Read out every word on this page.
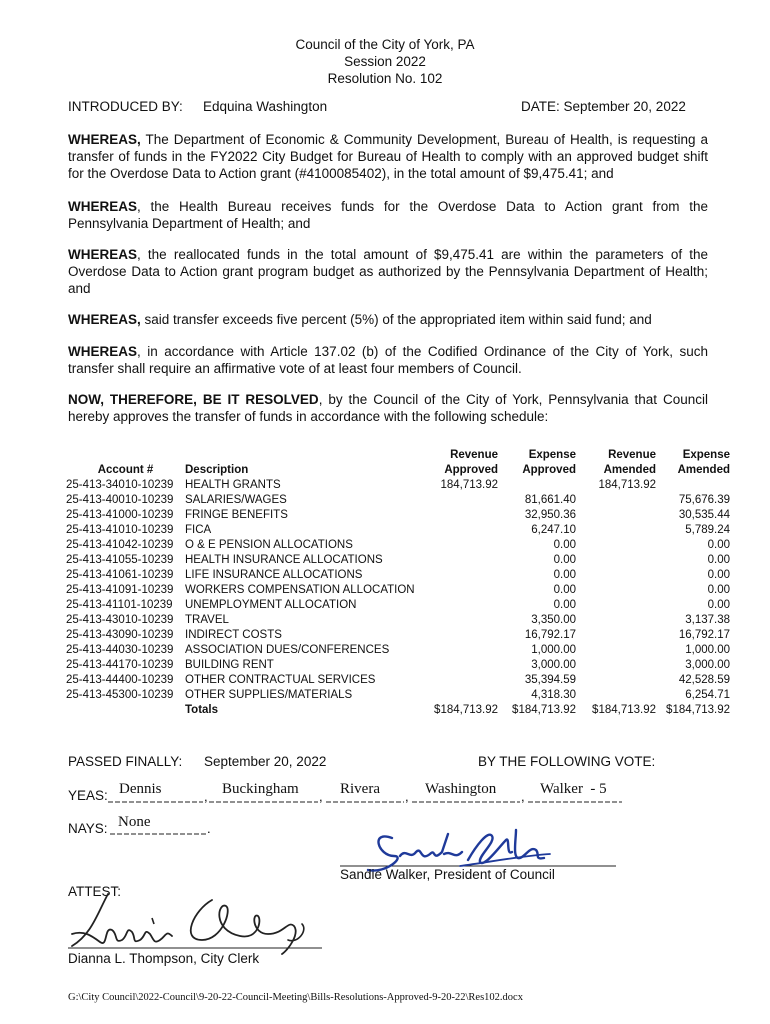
Council of the City of York, PA
Session 2022
Resolution No. 102
INTRODUCED BY: Edquina Washington	DATE: September 20, 2022
WHEREAS, The Department of Economic & Community Development, Bureau of Health, is requesting a transfer of funds in the FY2022 City Budget for Bureau of Health to comply with an approved budget shift for the Overdose Data to Action grant (#4100085402), in the total amount of $9,475.41; and
WHEREAS, the Health Bureau receives funds for the Overdose Data to Action grant from the Pennsylvania Department of Health; and
WHEREAS, the reallocated funds in the total amount of $9,475.41 are within the parameters of the Overdose Data to Action grant program budget as authorized by the Pennsylvania Department of Health; and
WHEREAS, said transfer exceeds five percent (5%) of the appropriated item within said fund; and
WHEREAS, in accordance with Article 137.02 (b) of the Codified Ordinance of the City of York, such transfer shall require an affirmative vote of at least four members of Council.
NOW, THEREFORE, BE IT RESOLVED, by the Council of the City of York, Pennsylvania that Council hereby approves the transfer of funds in accordance with the following schedule:
		Revenue	Expense	Revenue	Expense
Account #	Description	Approved	Approved	Amended	Amended
25-413-34010-10239	HEALTH GRANTS	184,713.92		184,713.92	
25-413-40010-10239	SALARIES/WAGES		81,661.40		75,676.39
25-413-41000-10239	FRINGE BENEFITS		32,950.36		30,535.44
25-413-41010-10239	FICA		6,247.10		5,789.24
25-413-41042-10239	O & E PENSION ALLOCATIONS		0.00		0.00
25-413-41055-10239	HEALTH INSURANCE ALLOCATIONS		0.00		0.00
25-413-41061-10239	LIFE INSURANCE ALLOCATIONS		0.00		0.00
25-413-41091-10239	WORKERS COMPENSATION ALLOCATION		0.00		0.00
25-413-41101-10239	UNEMPLOYMENT ALLOCATION		0.00		0.00
25-413-43010-10239	TRAVEL		3,350.00		3,137.38
25-413-43090-10239	INDIRECT COSTS		16,792.17		16,792.17
25-413-44030-10239	ASSOCIATION DUES/CONFERENCES		1,000.00		1,000.00
25-413-44170-10239	BUILDING RENT		3,000.00		3,000.00
25-413-44400-10239	OTHER CONTRACTUAL SERVICES		35,394.59		42,528.59
25-413-45300-10239	OTHER SUPPLIES/MATERIALS		4,318.30		6,254.71
	Totals	$184,713.92	$184,713.92	$184,713.92	$184,713.92
PASSED FINALLY: September 20, 2022	BY THE FOLLOWING VOTE:
YEAS:	,	,	,	,
Dennis	Buckingham	Rivera	Washington	Walker  - 5
NAYS:	.
None
Sandie Walker, President of Council
ATTEST:
Dianna L. Thompson, City Clerk
G:\City Council\2022-Council\9-20-22-Council-Meeting\Bills-Resolutions-Approved-9-20-22\Res102.docx
